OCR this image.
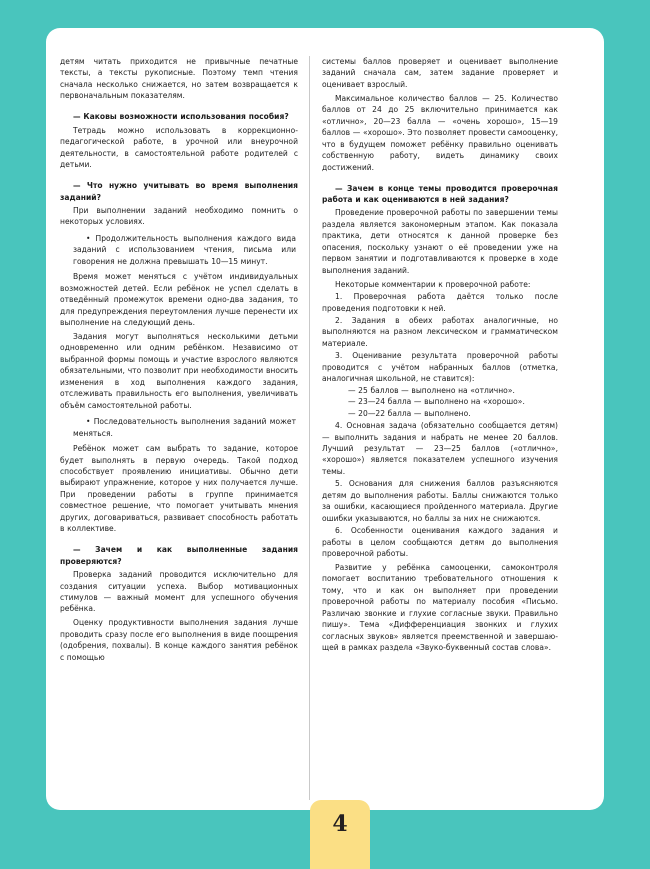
детям читать приходится не привычные печатные тексты, а тексты рукописные. Поэтому темп чтения сначала несколько снижается, но затем возвращается к первоначальным показателям.

— Каковы возможности использования пособия?

Тетрадь можно использовать в коррекционно-педагогической работе, в урочной или внеурочной деятельности, в самостоятельной работе родителей с детьми.

— Что нужно учитывать во время выполнения заданий?

При выполнении заданий необходимо помнить о некоторых условиях.

• Продолжительность выполнения каждого вида заданий с использованием чтения, письма или говорения не должна превышать 10—15 минут.

Время может меняться с учётом индивидуальных возможностей детей. Если ребёнок не успел сделать в отведённый промежуток времени одно-два задания, то для предупреждения переутомления лучше перенести их выполнение на следующий день.

Задания могут выполняться несколькими детьми одновременно или одним ребёнком. Независимо от выбранной формы помощь и участие взрослого являются обязательными, что позволит при необходимости вносить изменения в ход выполнения каждого задания, отслеживать правильность его выполнения, увеличивать объём самостоятельной работы.

• Последовательность выполнения заданий может меняться.

Ребёнок может сам выбрать то задание, которое будет выполнять в первую очередь. Такой подход способствует проявлению инициативы. Обычно дети выбирают упражнение, которое у них получается лучше. При проведении работы в группе принимается совместное решение, что помогает учитывать мнения других, договариваться, развивает способность работать в коллективе.

— Зачем и как выполненные задания проверяются?

Проверка заданий проводится исключительно для создания ситуации успеха. Выбор мотивационных стимулов — важный момент для успешного обучения ребёнка.

Оценку продуктивности выполнения задания лучше проводить сразу после его выполнения в виде поощрения (одобрения, похвалы). В конце каждого занятия ребёнок с помощью

системы баллов проверяет и оценивает выполнение заданий сначала сам, затем задание проверяет и оценивает взрослый.

Максимальное количество баллов — 25. Количество баллов от 24 до 25 включительно принимается как «отлично», 20—23 балла — «очень хорошо», 15—19 баллов — «хорошо». Это позволяет провести самооценку, что в будущем поможет ребёнку правильно оценивать собственную работу, видеть динамику своих достижений.

— Зачем в конце темы проводится проверочная работа и как оцениваются в ней задания?

Проведение проверочной работы по завершении темы раздела является закономерным этапом. Как показала практика, дети относятся к данной проверке без опасения, поскольку узнают о её проведении уже на первом занятии и подготавливаются к проверке в ходе выполнения заданий.

Некоторые комментарии к проверочной работе:

1. Проверочная работа даётся только после проведения подготовки к ней.

2. Задания в обеих работах аналогичные, но выполняются на разном лексическом и грамматическом материале.

3. Оценивание результата проверочной работы проводится с учётом набранных баллов (отметка, аналогичная школьной, не ставится):

— 25 баллов — выполнено на «отлично».

— 23—24 балла — выполнено на «хорошо».

— 20—22 балла — выполнено.

4. Основная задача (обязательно сообщается детям) — выполнить задания и набрать не менее 20 баллов. Лучший результат — 23—25 баллов («отлично», «хорошо») является показателем успешного изучения темы.

5. Основания для снижения баллов разъясняются детям до выполнения работы. Баллы снижаются только за ошибки, касающиеся пройденного материала. Другие ошибки указываются, но баллы за них не снижаются.

6. Особенности оценивания каждого задания и работы в целом сообщаются детям до выполнения проверочной работы.

Развитие у ребёнка самооценки, самоконтроля помогает воспитанию требовательного отношения к тому, что и как он выполняет при проведении проверочной работы по материалу пособия «Письмо. Различаю звонкие и глухие согласные звуки. Правильно пишу». Тема «Дифференциация звонких и глухих согласных звуков» является преемственной и завершающей в рамках раздела «Звуко-буквенный состав слова».

4
